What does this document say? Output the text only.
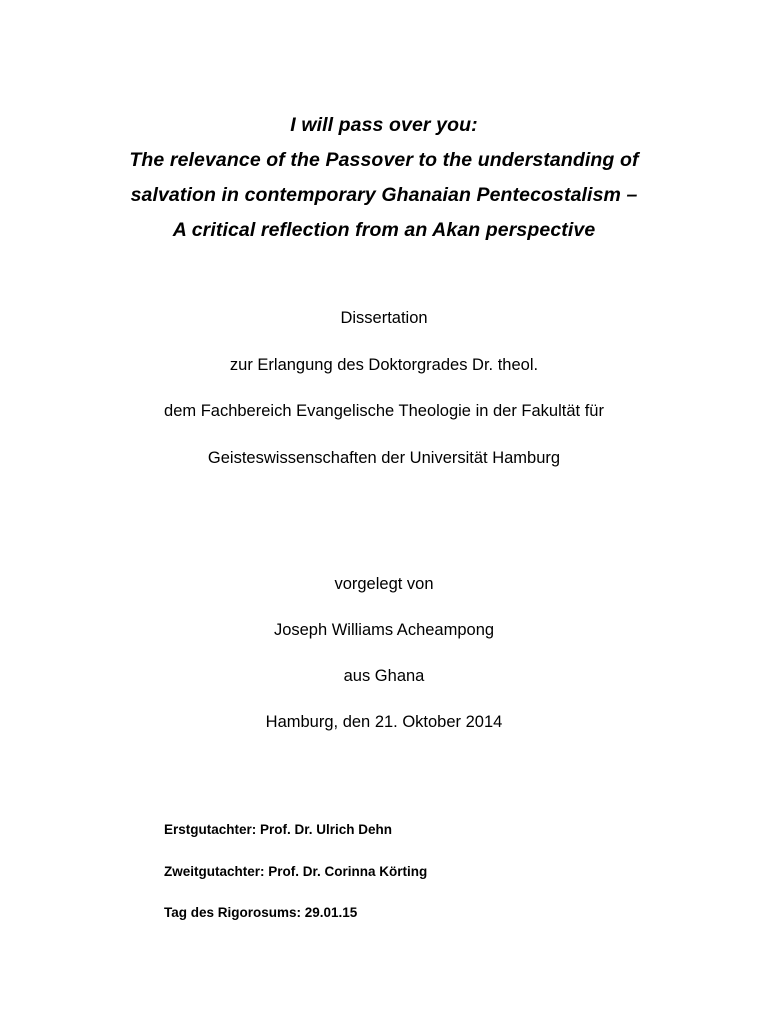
I will pass over you:
The relevance of the Passover to the understanding of
salvation in contemporary Ghanaian Pentecostalism –
A critical reflection from an Akan perspective
Dissertation
zur Erlangung des Doktorgrades Dr. theol.
dem Fachbereich Evangelische Theologie in der Fakultät für
Geisteswissenschaften der Universität Hamburg
vorgelegt von
Joseph Williams Acheampong
aus Ghana
Hamburg, den 21. Oktober 2014
Erstgutachter: Prof. Dr. Ulrich Dehn
Zweitgutachter: Prof. Dr. Corinna Körting
Tag des Rigorosums: 29.01.15
